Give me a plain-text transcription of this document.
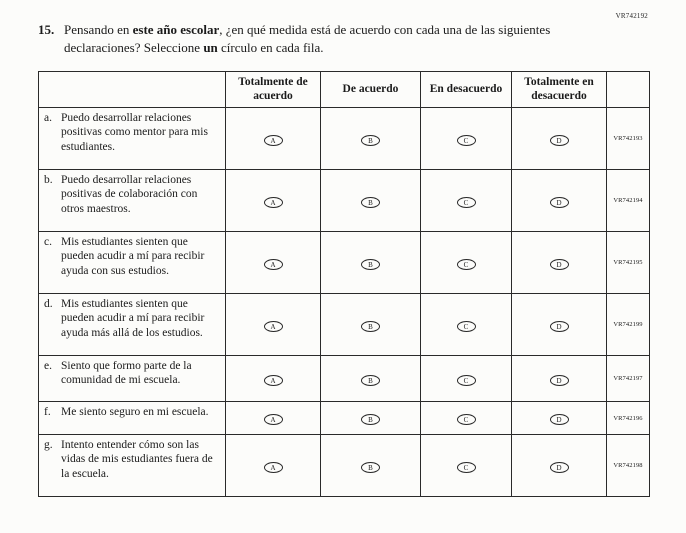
VR742192
15. Pensando en este año escolar, ¿en qué medida está de acuerdo con cada una de las siguientes declaraciones? Seleccione un círculo en cada fila.
	Totalmente de acuerdo	De acuerdo	En desacuerdo	Totalmente en desacuerdo	

a. Puedo desarrollar relaciones positivas como mentor para mis estudiantes.	A	B	C	D	VR742193

b. Puedo desarrollar relaciones positivas de colaboración con otros maestros.	A	B	C	D	VR742194

c. Mis estudiantes sienten que pueden acudir a mí para recibir ayuda con sus estudios.	A	B	C	D	VR742195

d. Mis estudiantes sienten que pueden acudir a mí para recibir ayuda más allá de los estudios.	A	B	C	D	VR742199

e. Siento que formo parte de la comunidad de mi escuela.	A	B	C	D	VR742197

f. Me siento seguro en mi escuela.	A	B	C	D	VR742196

g. Intento entender cómo son las vidas de mis estudiantes fuera de la escuela.	A	B	C	D	VR742198
